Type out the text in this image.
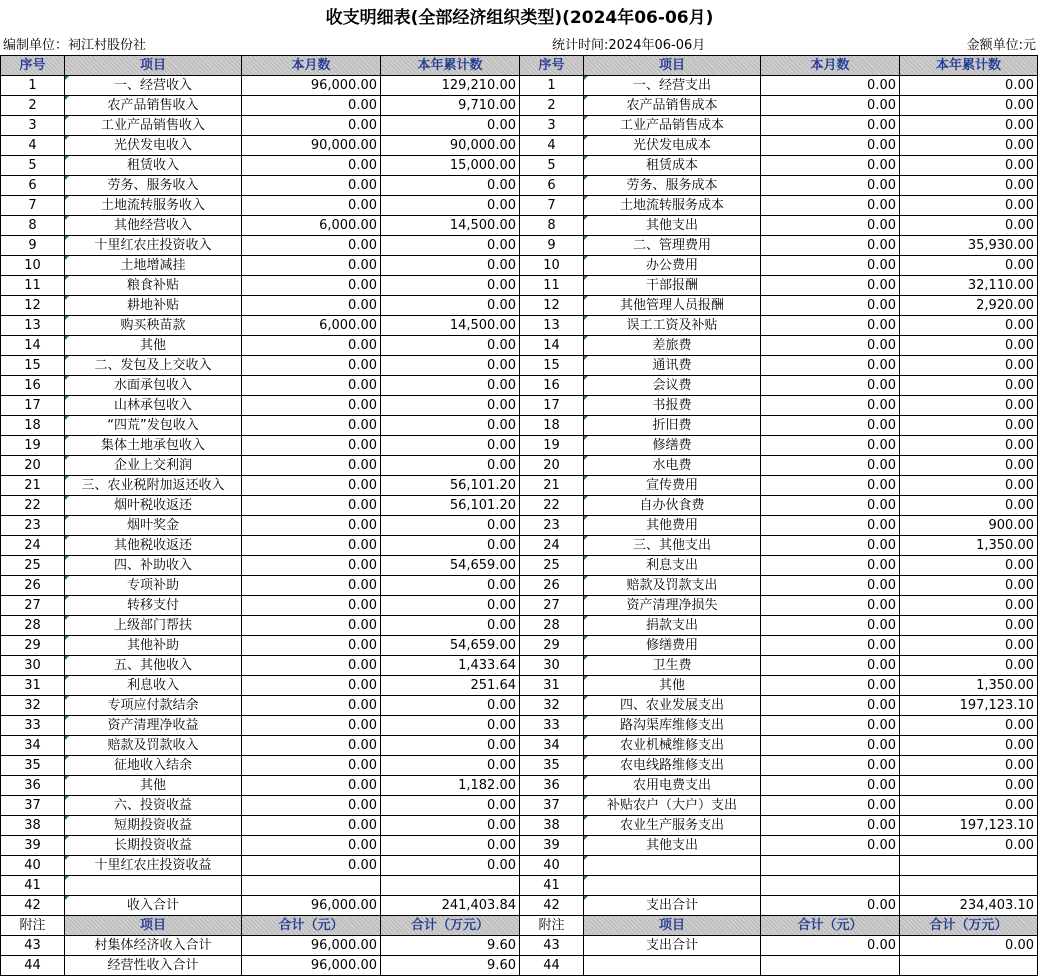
收支明细表(全部经济组织类型)(2024年06-06月)
编制单位：祠江村股份社	统计时间:2024年06-06月	金额单位:元
序号	项目	本月数	本年累计数	序号	项目	本月数	本年累计数
1	一、经营收入	96,000.00	129,210.00	1	一、经营支出	0.00	0.00
2	农产品销售收入	0.00	9,710.00	2	农产品销售成本	0.00	0.00
3	工业产品销售收入	0.00	0.00	3	工业产品销售成本	0.00	0.00
4	光伏发电收入	90,000.00	90,000.00	4	光伏发电成本	0.00	0.00
5	租赁收入	0.00	15,000.00	5	租赁成本	0.00	0.00
6	劳务、服务收入	0.00	0.00	6	劳务、服务成本	0.00	0.00
7	土地流转服务收入	0.00	0.00	7	土地流转服务成本	0.00	0.00
8	其他经营收入	6,000.00	14,500.00	8	其他支出	0.00	0.00
9	十里红农庄投资收入	0.00	0.00	9	二、管理费用	0.00	35,930.00
10	土地增减挂	0.00	0.00	10	办公费用	0.00	0.00
11	粮食补贴	0.00	0.00	11	干部报酬	0.00	32,110.00
12	耕地补贴	0.00	0.00	12	其他管理人员报酬	0.00	2,920.00
13	购买秧苗款	6,000.00	14,500.00	13	误工工资及补贴	0.00	0.00
14	其他	0.00	0.00	14	差旅费	0.00	0.00
15	二、发包及上交收入	0.00	0.00	15	通讯费	0.00	0.00
16	水面承包收入	0.00	0.00	16	会议费	0.00	0.00
17	山林承包收入	0.00	0.00	17	书报费	0.00	0.00
18	“四荒”发包收入	0.00	0.00	18	折旧费	0.00	0.00
19	集体土地承包收入	0.00	0.00	19	修缮费	0.00	0.00
20	企业上交利润	0.00	0.00	20	水电费	0.00	0.00
21	三、农业税附加返还收入	0.00	56,101.20	21	宣传费用	0.00	0.00
22	烟叶税收返还	0.00	56,101.20	22	自办伙食费	0.00	0.00
23	烟叶奖金	0.00	0.00	23	其他费用	0.00	900.00
24	其他税收返还	0.00	0.00	24	三、其他支出	0.00	1,350.00
25	四、补助收入	0.00	54,659.00	25	利息支出	0.00	0.00
26	专项补助	0.00	0.00	26	赔款及罚款支出	0.00	0.00
27	转移支付	0.00	0.00	27	资产清理净损失	0.00	0.00
28	上级部门帮扶	0.00	0.00	28	捐款支出	0.00	0.00
29	其他补助	0.00	54,659.00	29	修缮费用	0.00	0.00
30	五、其他收入	0.00	1,433.64	30	卫生费	0.00	0.00
31	利息收入	0.00	251.64	31	其他	0.00	1,350.00
32	专项应付款结余	0.00	0.00	32	四、农业发展支出	0.00	197,123.10
33	资产清理净收益	0.00	0.00	33	路沟渠库维修支出	0.00	0.00
34	赔款及罚款收入	0.00	0.00	34	农业机械维修支出	0.00	0.00
35	征地收入结余	0.00	0.00	35	农电线路维修支出	0.00	0.00
36	其他	0.00	1,182.00	36	农用电费支出	0.00	0.00
37	六、投资收益	0.00	0.00	37	补贴农户（大户）支出	0.00	0.00
38	短期投资收益	0.00	0.00	38	农业生产服务支出	0.00	197,123.10
39	长期投资收益	0.00	0.00	39	其他支出	0.00	0.00
40	十里红农庄投资收益	0.00	0.00	40			
41				41			
42	收入合计	96,000.00	241,403.84	42	支出合计	0.00	234,403.10
附注	项目	合计（元）	合计（万元）	附注	项目	合计（元）	合计（万元）
43	村集体经济收入合计	96,000.00	9.60	43	支出合计	0.00	0.00
44	经营性收入合计	96,000.00	9.60	44			
